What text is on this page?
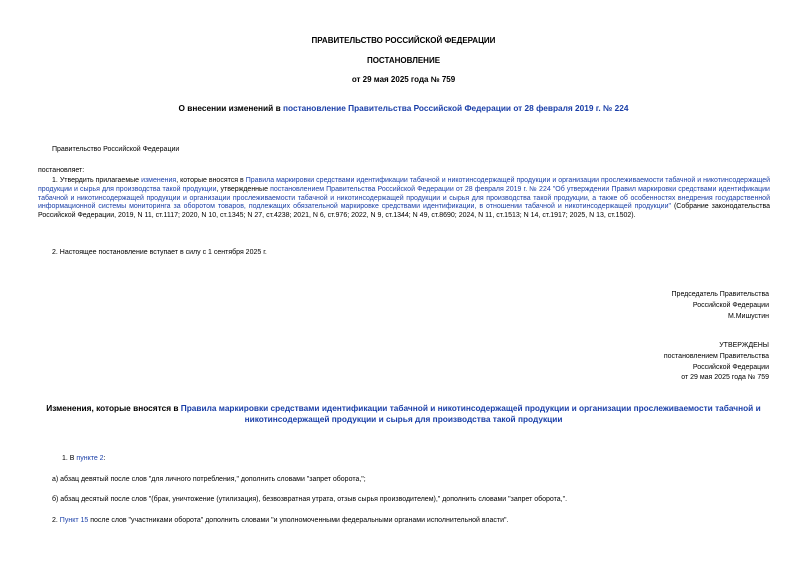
ПРАВИТЕЛЬСТВО РОССИЙСКОЙ ФЕДЕРАЦИИ
ПОСТАНОВЛЕНИЕ
от 29 мая 2025 года № 759
О внесении изменений в постановление Правительства Российской Федерации от 28 февраля 2019 г. № 224
Правительство Российской Федерации
постановляет:
1. Утвердить прилагаемые изменения, которые вносятся в Правила маркировки средствами идентификации табачной и никотинсодержащей продукции и организации прослеживаемости табачной и никотинсодержащей продукции и сырья для производства такой продукции, утвержденные постановлением Правительства Российской Федерации от 28 февраля 2019 г. № 224 "Об утверждении Правил маркировки средствами идентификации табачной и никотинсодержащей продукции и организации прослеживаемости табачной и никотинсодержащей продукции и сырья для производства такой продукции, а также об особенностях внедрения государственной информационной системы мониторинга за оборотом товаров, подлежащих обязательной маркировке средствами идентификации, в отношении табачной и никотинсодержащей продукции" (Собрание законодательства Российской Федерации, 2019, N 11, ст.1117; 2020, N 10, ст.1345; N 27, ст.4238; 2021, N 6, ст.976; 2022, N 9, ст.1344; N 49, ст.8690; 2024, N 11, ст.1513; N 14, ст.1917; 2025, N 13, ст.1502).
2. Настоящее постановление вступает в силу с 1 сентября 2025 г.
Председатель Правительства
Российской Федерации
М.Мишустин
УТВЕРЖДЕНЫ
постановлением Правительства
Российской Федерации
от 29 мая 2025 года № 759
Изменения, которые вносятся в Правила маркировки средствами идентификации табачной и никотинсодержащей продукции и организации прослеживаемости табачной и никотинсодержащей продукции и сырья для производства такой продукции
1. В пункте 2:
а) абзац девятый после слов "для личного потребления," дополнить словами "запрет оборота,";
б) абзац десятый после слов "(брак, уничтожение (утилизация), безвозвратная утрата, отзыв сырья производителем)," дополнить словами "запрет оборота,".
2. Пункт 15 после слов "участниками оборота" дополнить словами "и уполномоченными федеральными органами исполнительной власти".
